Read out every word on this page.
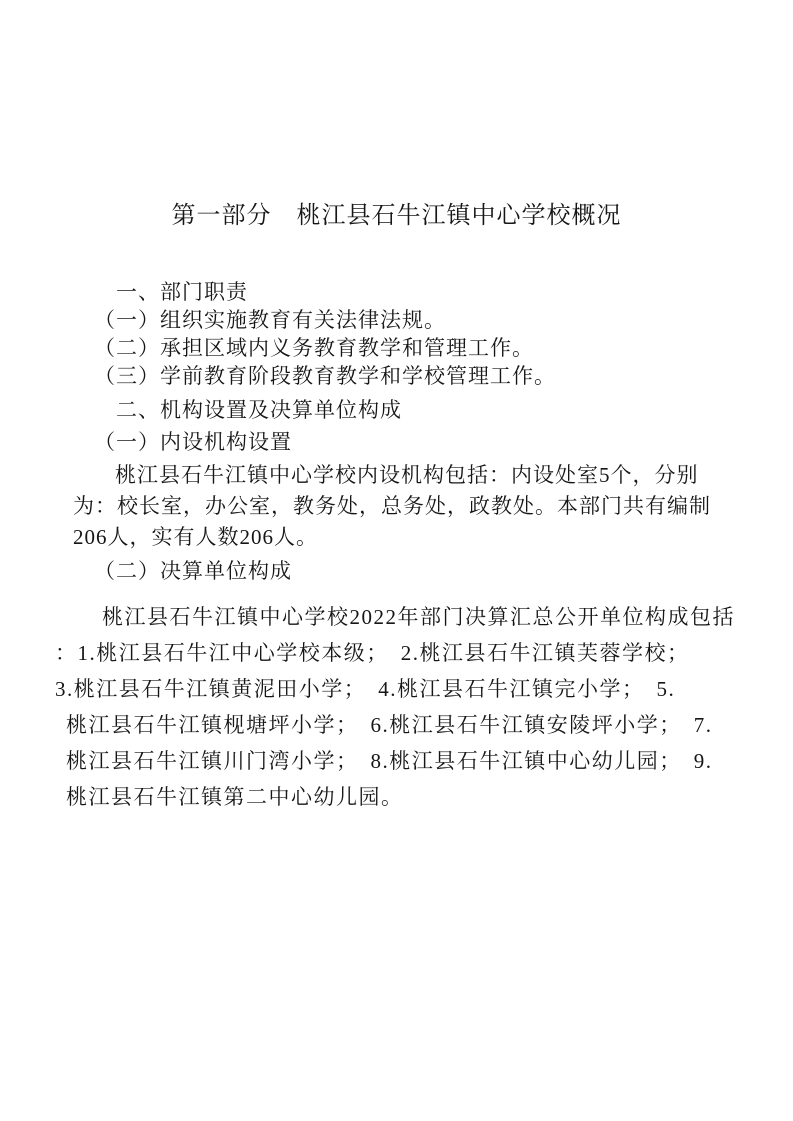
第一部分　桃江县石牛江镇中心学校概况
一、部门职责
（一）组织实施教育有关法律法规。
（二）承担区域内义务教育教学和管理工作。
（三）学前教育阶段教育教学和学校管理工作。
二、机构设置及决算单位构成
（一）内设机构设置
桃江县石牛江镇中心学校内设机构包括：内设处室5个，分别
为：校长室，办公室，教务处，总务处，政教处。本部门共有编制
206人，实有人数206人。
（二）决算单位构成
桃江县石牛江镇中心学校2022年部门决算汇总公开单位构成包括
：1.桃江县石牛江中心学校本级；　2.桃江县石牛江镇芙蓉学校；
3.桃江县石牛江镇黄泥田小学；　4.桃江县石牛江镇完小学；　5.
桃江县石牛江镇枧塘坪小学；　6.桃江县石牛江镇安陵坪小学；　7.
桃江县石牛江镇川门湾小学；　8.桃江县石牛江镇中心幼儿园；　9.
桃江县石牛江镇第二中心幼儿园。
